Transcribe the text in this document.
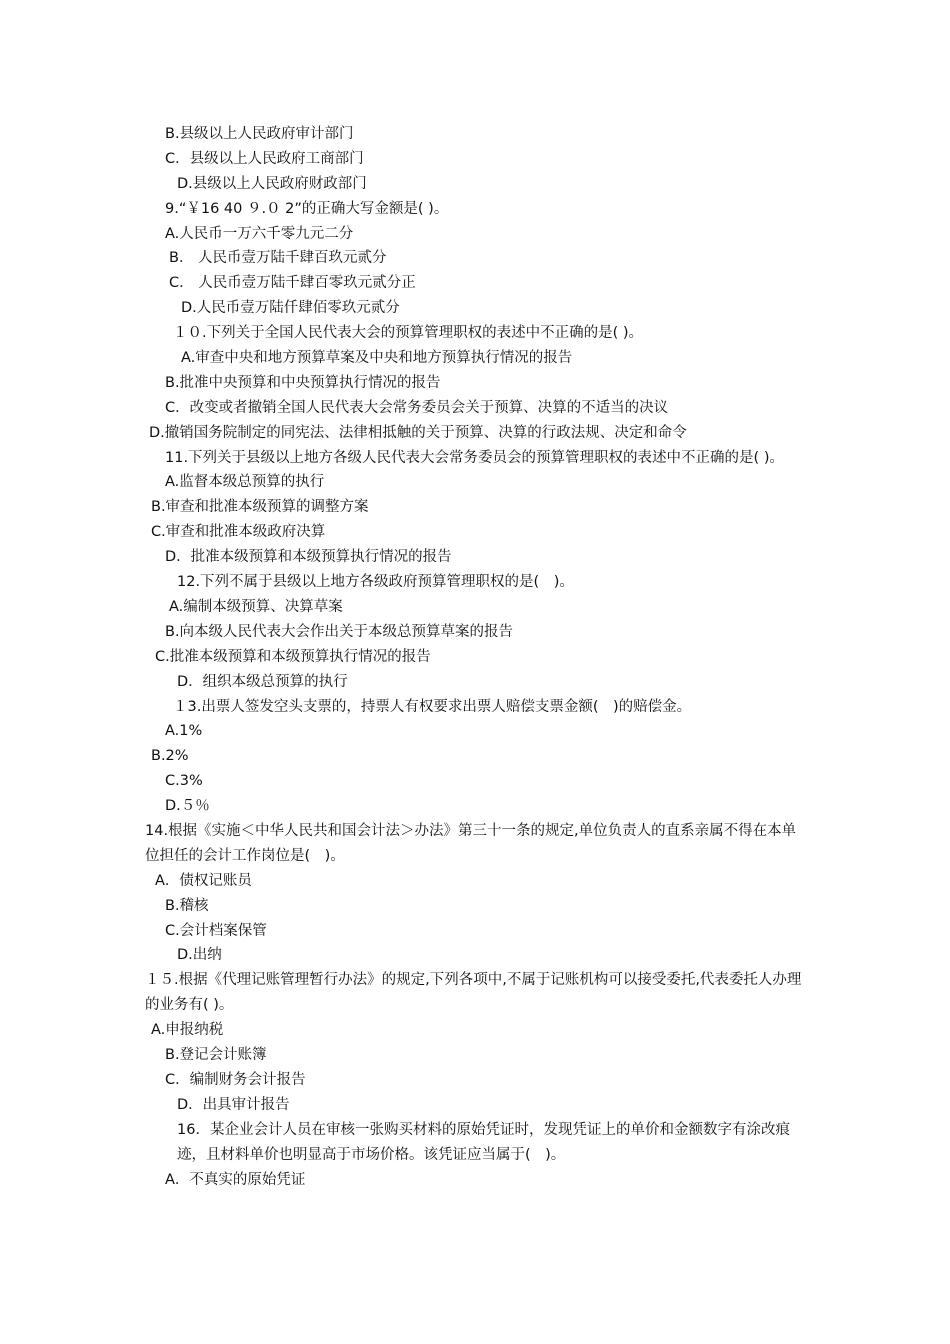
B.县级以上人民政府审计部门
C．县级以上人民政府工商部门
D.县级以上人民政府财政部门
9.“￥16 40 ９.０ 2”的正确大写金额是( )。
A.人民币一万六千零九元二分
B． 人民币壹万陆千肆百玖元贰分
C． 人民币壹万陆千肆百零玖元贰分正
D.人民币壹万陆仟肆佰零玖元贰分
１０.下列关于全国人民代表大会的预算管理职权的表述中不正确的是( )。
A.审查中央和地方预算草案及中央和地方预算执行情况的报告
B.批准中央预算和中央预算执行情况的报告
C．改变或者撤销全国人民代表大会常务委员会关于预算、决算的不适当的决议
D.撤销国务院制定的同宪法、法律相抵触的关于预算、决算的行政法规、决定和命令
11.下列关于县级以上地方各级人民代表大会常务委员会的预算管理职权的表述中不正确的是( )。
A.监督本级总预算的执行
B.审查和批准本级预算的调整方案
C.审查和批准本级政府决算
D．批准本级预算和本级预算执行情况的报告
12.下列不属于县级以上地方各级政府预算管理职权的是(　)。
A.编制本级预算、决算草案
B.向本级人民代表大会作出关于本级总预算草案的报告
C.批准本级预算和本级预算执行情况的报告
D．组织本级总预算的执行
１3.出票人签发空头支票的，持票人有权要求出票人赔偿支票金额(　)的赔偿金。
A.1%
B.2%
C.3%
D.５％
14.根据《实施＜中华人民共和国会计法＞办法》第三十一条的规定,单位负责人的直系亲属不得在本单位担任的会计工作岗位是(　)。
A．债权记账员
B.稽核
C.会计档案保管
D.出纳
１５.根据《代理记账管理暂行办法》的规定,下列各项中,不属于记账机构可以接受委托,代表委托人办理的业务有( )。
A.申报纳税
B.登记会计账簿
C．编制财务会计报告
D．出具审计报告
16．某企业会计人员在审核一张购买材料的原始凭证时，发现凭证上的单价和金额数字有涂改痕迹，且材料单价也明显高于市场价格。该凭证应当属于(　)。
A．不真实的原始凭证
